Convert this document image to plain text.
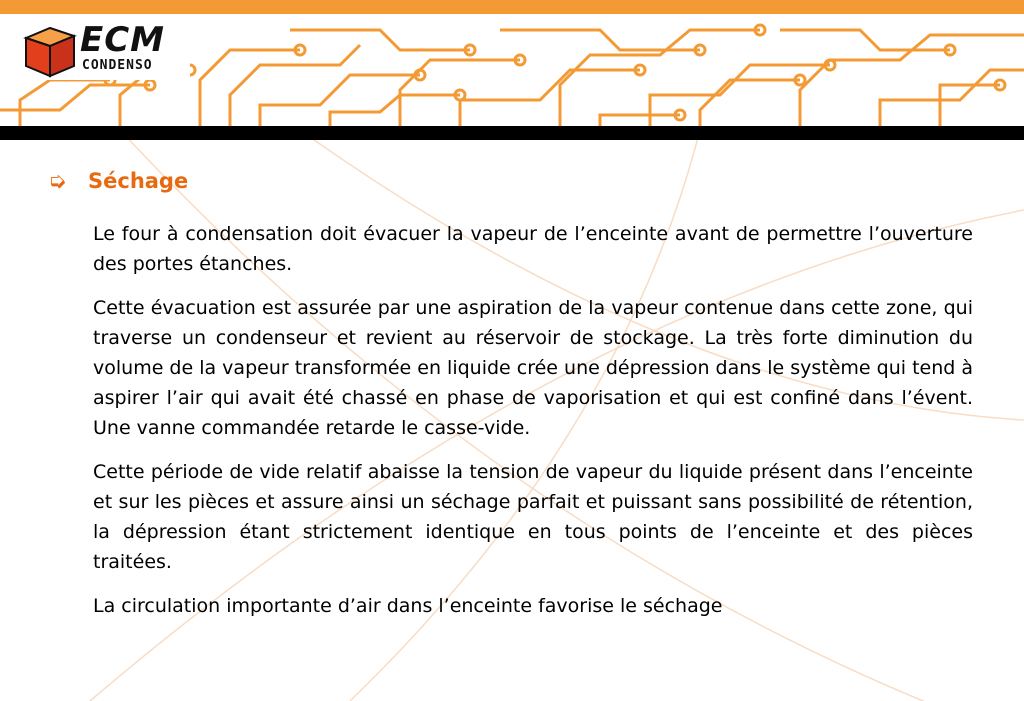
ECM
CONDENSO
➭	Séchage

Le four à condensation doit évacuer la vapeur de l’enceinte avant de permettre l’ouverture des portes étanches.

Cette évacuation est assurée par une aspiration de la vapeur contenue dans cette zone, qui traverse un condenseur et revient au réservoir de stockage. La très forte diminution du volume de la vapeur transformée en liquide crée une dépression dans le système qui tend à aspirer l’air qui avait été chassé en phase de vaporisation et qui est confiné dans l’évent. Une vanne commandée retarde le casse-vide.

Cette période de vide relatif abaisse la tension de vapeur du liquide présent dans l’enceinte et sur les pièces et assure ainsi un séchage parfait et puissant sans possibilité de rétention, la dépression étant strictement identique en tous points de l’enceinte et des pièces traitées.

La circulation importante d’air dans l’enceinte favorise le séchage
